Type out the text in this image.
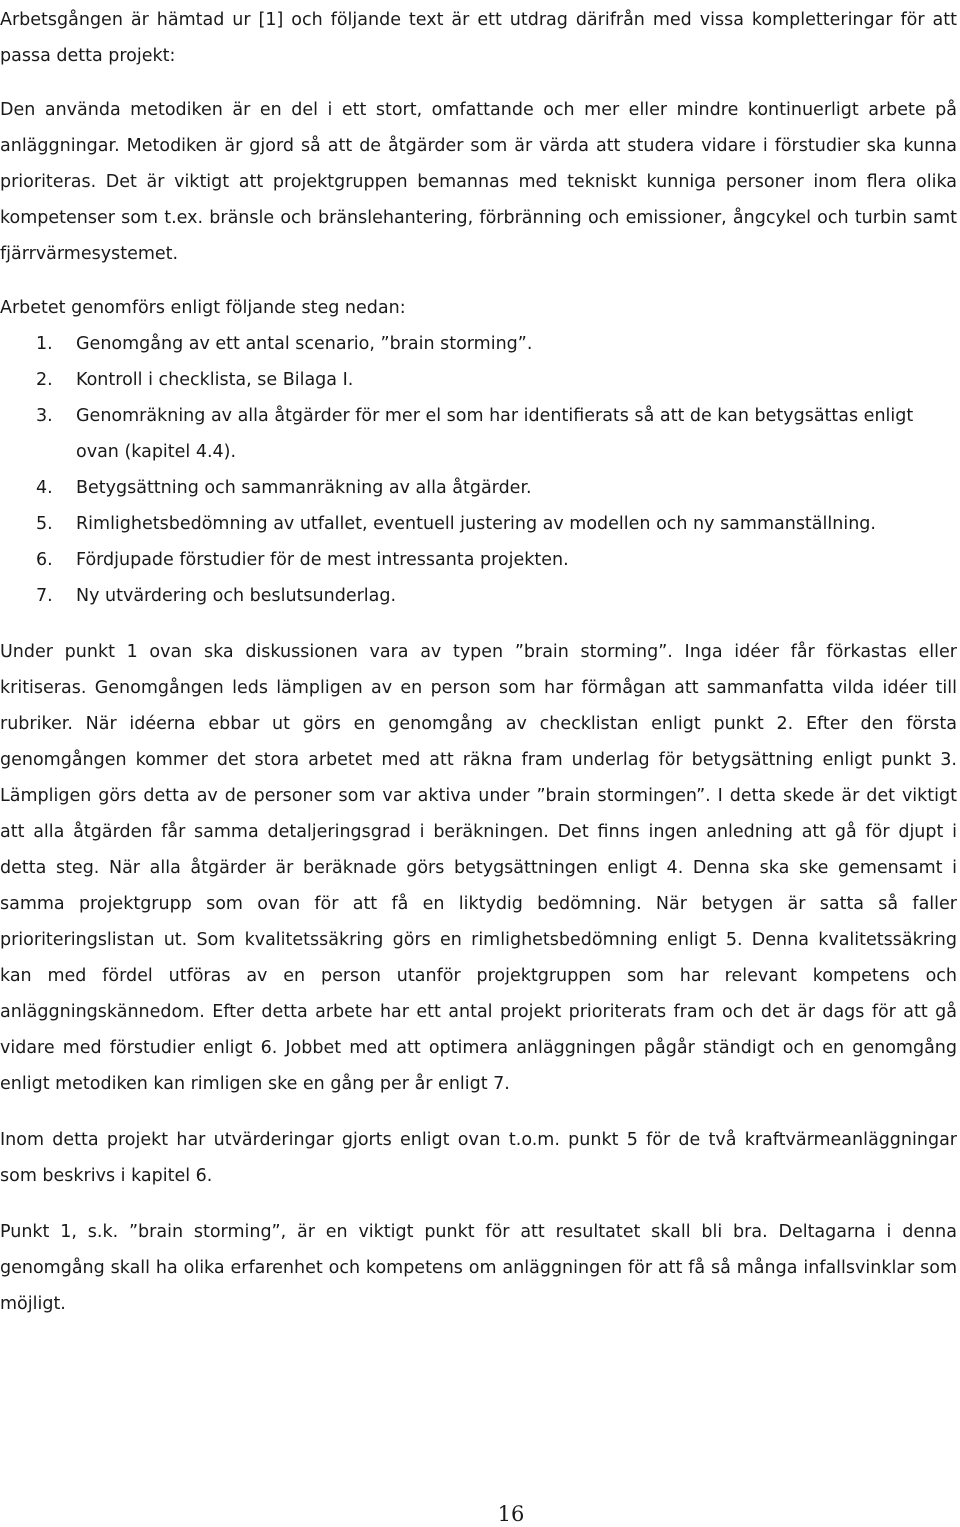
Arbetsgången är hämtad ur [1] och följande text är ett utdrag därifrån med vissa kompletteringar för att passa detta projekt:

Den använda metodiken är en del i ett stort, omfattande och mer eller mindre kontinuerligt arbete på anläggningar. Metodiken är gjord så att de åtgärder som är värda att studera vidare i förstudier ska kunna prioriteras. Det är viktigt att projektgruppen bemannas med tekniskt kunniga personer inom flera olika kompetenser som t.ex. bränsle och bränslehantering, förbränning och emissioner, ångcykel och turbin samt fjärrvärmesystemet.

Arbetet genomförs enligt följande steg nedan:

1. Genomgång av ett antal scenario, ”brain storming”.
2. Kontroll i checklista, se Bilaga I.
3. Genomräkning av alla åtgärder för mer el som har identifierats så att de kan betygsättas enligt ovan (kapitel 4.4).
4. Betygsättning och sammanräkning av alla åtgärder.
5. Rimlighetsbedömning av utfallet, eventuell justering av modellen och ny sammanställning.
6. Fördjupade förstudier för de mest intressanta projekten.
7. Ny utvärdering och beslutsunderlag.

Under punkt 1 ovan ska diskussionen vara av typen ”brain storming”. Inga idéer får förkastas eller kritiseras. Genomgången leds lämpligen av en person som har förmågan att sammanfatta vilda idéer till rubriker. När idéerna ebbar ut görs en genomgång av checklistan enligt punkt 2. Efter den första genomgången kommer det stora arbetet med att räkna fram underlag för betygsättning enligt punkt 3. Lämpligen görs detta av de personer som var aktiva under ”brain stormingen”. I detta skede är det viktigt att alla åtgärden får samma detaljeringsgrad i beräkningen. Det finns ingen anledning att gå för djupt i detta steg. När alla åtgärder är beräknade görs betygsättningen enligt 4. Denna ska ske gemensamt i samma projektgrupp som ovan för att få en liktydig bedömning. När betygen är satta så faller prioriteringslistan ut. Som kvalitetssäkring görs en rimlighetsbedömning enligt 5. Denna kvalitetssäkring kan med fördel utföras av en person utanför projektgruppen som har relevant kompetens och anläggningskännedom. Efter detta arbete har ett antal projekt prioriterats fram och det är dags för att gå vidare med förstudier enligt 6. Jobbet med att optimera anläggningen pågår ständigt och en genomgång enligt metodiken kan rimligen ske en gång per år enligt 7.

Inom detta projekt har utvärderingar gjorts enligt ovan t.o.m. punkt 5 för de två kraftvärmeanläggningar som beskrivs i kapitel 6.

Punkt 1, s.k. ”brain storming”, är en viktigt punkt för att resultatet skall bli bra. Deltagarna i denna genomgång skall ha olika erfarenhet och kompetens om anläggningen för att få så många infallsvinklar som möjligt.

16
